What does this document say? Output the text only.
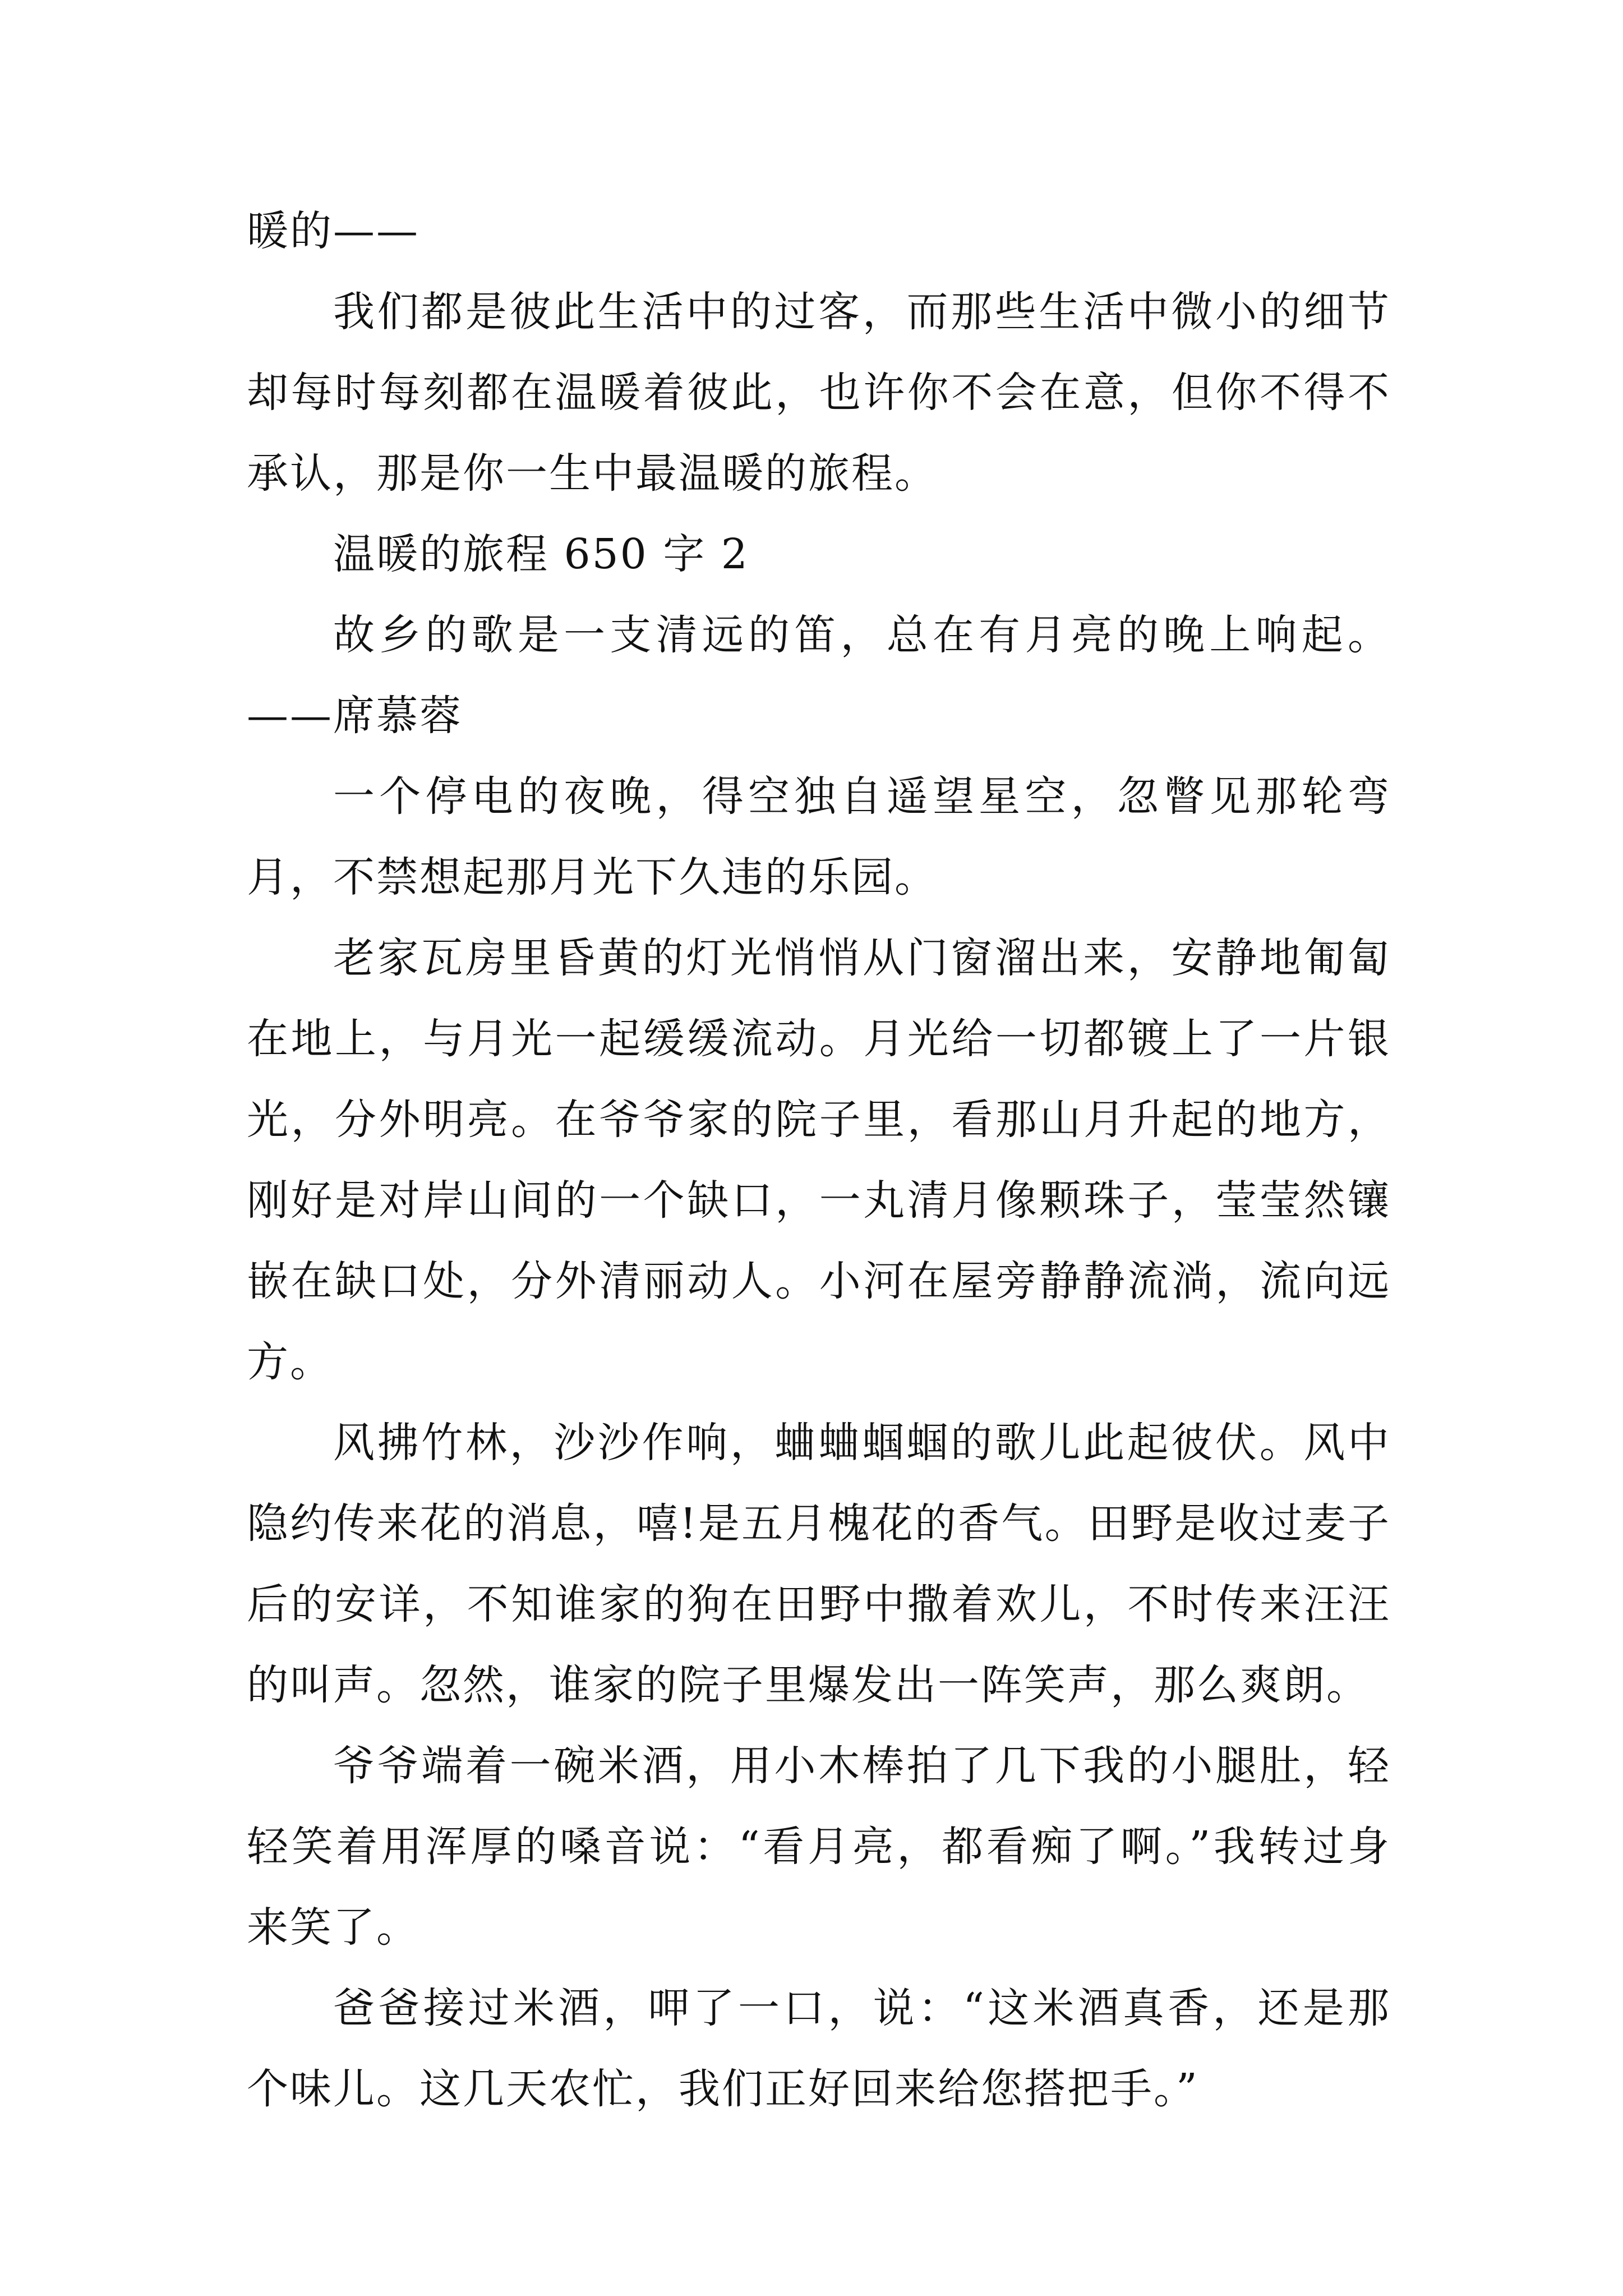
暖的——

我们都是彼此生活中的过客，而那些生活中微小的细节却每时每刻都在温暖着彼此，也许你不会在意，但你不得不承认，那是你一生中最温暖的旅程。

温暖的旅程 650 字 2

故乡的歌是一支清远的笛，总在有月亮的晚上响起。——席慕蓉

一个停电的夜晚，得空独自遥望星空，忽瞥见那轮弯月，不禁想起那月光下久违的乐园。

老家瓦房里昏黄的灯光悄悄从门窗溜出来，安静地匍匐在地上，与月光一起缓缓流动。月光给一切都镀上了一片银光，分外明亮。在爷爷家的院子里，看那山月升起的地方，刚好是对岸山间的一个缺口，一丸清月像颗珠子，莹莹然镶嵌在缺口处，分外清丽动人。小河在屋旁静静流淌，流向远方。

风拂竹林，沙沙作响，蛐蛐蝈蝈的歌儿此起彼伏。风中隐约传来花的消息，嘻!是五月槐花的香气。田野是收过麦子后的安详，不知谁家的狗在田野中撒着欢儿，不时传来汪汪的叫声。忽然，谁家的院子里爆发出一阵笑声，那么爽朗。

爷爷端着一碗米酒，用小木棒拍了几下我的小腿肚，轻轻笑着用浑厚的嗓音说：“看月亮，都看痴了啊。”我转过身来笑了。

爸爸接过米酒，呷了一口，说：“这米酒真香，还是那个味儿。这几天农忙，我们正好回来给您搭把手。”
